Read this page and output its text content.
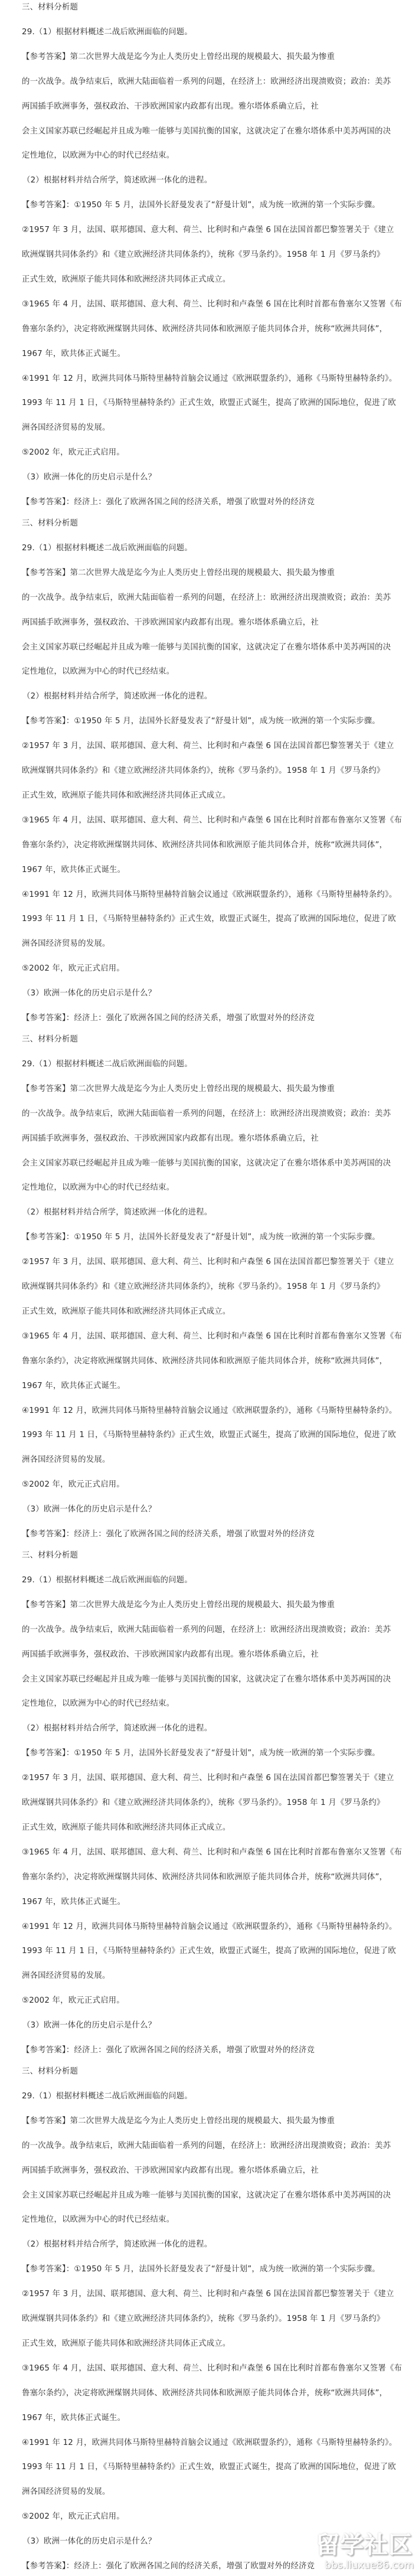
三、材料分析题
29.（1）根据材料概述二战后欧洲面临的问题。
【参考答案】第二次世界大战是迄今为止人类历史上曾经出现的规模最大、损失最为惨重
的一次战争。战争结束后，欧洲大陆面临着一系列的问题，在经济上：欧洲经济出现溃败资；政治：美苏
两国插手欧洲事务，强权政治、干涉欧洲国家内政都有出现。雅尔塔体系确立后，社
会主义国家苏联已经崛起并且成为唯一能够与美国抗衡的国家，这就决定了在雅尔塔体系中美苏两国的决
定性地位，以欧洲为中心的时代已经结束。
（2）根据材料并结合所学，简述欧洲一体化的进程。
【参考答案】：①1950 年 5 月，法国外长舒曼发表了“舒曼计划”，成为统一欧洲的第一个实际步骤。
②1957 年 3 月，法国、联邦德国、意大利、荷兰、比利时和卢森堡 6 国在法国首都巴黎签署关于《建立
欧洲煤钢共同体条约》和《建立欧洲经济共同体条约》，统称《罗马条约》。1958 年 1 月《罗马条约》
正式生效，欧洲原子能共同体和欧洲经济共同体正式成立。
③1965 年 4 月，法国、联邦德国、意大利、荷兰、比利时和卢森堡 6 国在比利时首都布鲁塞尔又签署《布
鲁塞尔条约》，决定将欧洲煤钢共同体、欧洲经济共同体和欧洲原子能共同体合并，统称“欧洲共同体”，
1967 年，欧共体正式诞生。
④1991 年 12 月，欧洲共同体马斯特里赫特首脑会议通过《欧洲联盟条约》，通称《马斯特里赫特条约》。
1993 年 11 月 1 日，《马斯特里赫特条约》正式生效，欧盟正式诞生，提高了欧洲的国际地位，促进了欧
洲各国经济贸易的发展。
⑤2002 年，欧元正式启用。
（3）欧洲一体化的历史启示是什么？
【参考答案】：经济上：强化了欧洲各国之间的经济关系，增强了欧盟对外的经济竞
三、材料分析题
29.（1）根据材料概述二战后欧洲面临的问题。
【参考答案】第二次世界大战是迄今为止人类历史上曾经出现的规模最大、损失最为惨重
的一次战争。战争结束后，欧洲大陆面临着一系列的问题，在经济上：欧洲经济出现溃败资；政治：美苏
两国插手欧洲事务，强权政治、干涉欧洲国家内政都有出现。雅尔塔体系确立后，社
会主义国家苏联已经崛起并且成为唯一能够与美国抗衡的国家，这就决定了在雅尔塔体系中美苏两国的决
定性地位，以欧洲为中心的时代已经结束。
（2）根据材料并结合所学，简述欧洲一体化的进程。
【参考答案】：①1950 年 5 月，法国外长舒曼发表了“舒曼计划”，成为统一欧洲的第一个实际步骤。
②1957 年 3 月，法国、联邦德国、意大利、荷兰、比利时和卢森堡 6 国在法国首都巴黎签署关于《建立
欧洲煤钢共同体条约》和《建立欧洲经济共同体条约》，统称《罗马条约》。1958 年 1 月《罗马条约》
正式生效，欧洲原子能共同体和欧洲经济共同体正式成立。
③1965 年 4 月，法国、联邦德国、意大利、荷兰、比利时和卢森堡 6 国在比利时首都布鲁塞尔又签署《布
鲁塞尔条约》，决定将欧洲煤钢共同体、欧洲经济共同体和欧洲原子能共同体合并，统称“欧洲共同体”，
1967 年，欧共体正式诞生。
④1991 年 12 月，欧洲共同体马斯特里赫特首脑会议通过《欧洲联盟条约》，通称《马斯特里赫特条约》。
1993 年 11 月 1 日，《马斯特里赫特条约》正式生效，欧盟正式诞生，提高了欧洲的国际地位，促进了欧
洲各国经济贸易的发展。
⑤2002 年，欧元正式启用。
（3）欧洲一体化的历史启示是什么？
【参考答案】：经济上：强化了欧洲各国之间的经济关系，增强了欧盟对外的经济竞
三、材料分析题
29.（1）根据材料概述二战后欧洲面临的问题。
【参考答案】第二次世界大战是迄今为止人类历史上曾经出现的规模最大、损失最为惨重
的一次战争。战争结束后，欧洲大陆面临着一系列的问题，在经济上：欧洲经济出现溃败资；政治：美苏
两国插手欧洲事务，强权政治、干涉欧洲国家内政都有出现。雅尔塔体系确立后，社
会主义国家苏联已经崛起并且成为唯一能够与美国抗衡的国家，这就决定了在雅尔塔体系中美苏两国的决
定性地位，以欧洲为中心的时代已经结束。
（2）根据材料并结合所学，简述欧洲一体化的进程。
【参考答案】：①1950 年 5 月，法国外长舒曼发表了“舒曼计划”，成为统一欧洲的第一个实际步骤。
②1957 年 3 月，法国、联邦德国、意大利、荷兰、比利时和卢森堡 6 国在法国首都巴黎签署关于《建立
欧洲煤钢共同体条约》和《建立欧洲经济共同体条约》，统称《罗马条约》。1958 年 1 月《罗马条约》
正式生效，欧洲原子能共同体和欧洲经济共同体正式成立。
③1965 年 4 月，法国、联邦德国、意大利、荷兰、比利时和卢森堡 6 国在比利时首都布鲁塞尔又签署《布
鲁塞尔条约》，决定将欧洲煤钢共同体、欧洲经济共同体和欧洲原子能共同体合并，统称“欧洲共同体”，
1967 年，欧共体正式诞生。
④1991 年 12 月，欧洲共同体马斯特里赫特首脑会议通过《欧洲联盟条约》，通称《马斯特里赫特条约》。
1993 年 11 月 1 日，《马斯特里赫特条约》正式生效，欧盟正式诞生，提高了欧洲的国际地位，促进了欧
洲各国经济贸易的发展。
⑤2002 年，欧元正式启用。
（3）欧洲一体化的历史启示是什么？
【参考答案】：经济上：强化了欧洲各国之间的经济关系，增强了欧盟对外的经济竞
三、材料分析题
29.（1）根据材料概述二战后欧洲面临的问题。
【参考答案】第二次世界大战是迄今为止人类历史上曾经出现的规模最大、损失最为惨重
的一次战争。战争结束后，欧洲大陆面临着一系列的问题，在经济上：欧洲经济出现溃败资；政治：美苏
两国插手欧洲事务，强权政治、干涉欧洲国家内政都有出现。雅尔塔体系确立后，社
会主义国家苏联已经崛起并且成为唯一能够与美国抗衡的国家，这就决定了在雅尔塔体系中美苏两国的决
定性地位，以欧洲为中心的时代已经结束。
（2）根据材料并结合所学，简述欧洲一体化的进程。
【参考答案】：①1950 年 5 月，法国外长舒曼发表了“舒曼计划”，成为统一欧洲的第一个实际步骤。
②1957 年 3 月，法国、联邦德国、意大利、荷兰、比利时和卢森堡 6 国在法国首都巴黎签署关于《建立
欧洲煤钢共同体条约》和《建立欧洲经济共同体条约》，统称《罗马条约》。1958 年 1 月《罗马条约》
正式生效，欧洲原子能共同体和欧洲经济共同体正式成立。
③1965 年 4 月，法国、联邦德国、意大利、荷兰、比利时和卢森堡 6 国在比利时首都布鲁塞尔又签署《布
鲁塞尔条约》，决定将欧洲煤钢共同体、欧洲经济共同体和欧洲原子能共同体合并，统称“欧洲共同体”，
1967 年，欧共体正式诞生。
④1991 年 12 月，欧洲共同体马斯特里赫特首脑会议通过《欧洲联盟条约》，通称《马斯特里赫特条约》。
1993 年 11 月 1 日，《马斯特里赫特条约》正式生效，欧盟正式诞生，提高了欧洲的国际地位，促进了欧
洲各国经济贸易的发展。
⑤2002 年，欧元正式启用。
（3）欧洲一体化的历史启示是什么？
【参考答案】：经济上：强化了欧洲各国之间的经济关系，增强了欧盟对外的经济竞
三、材料分析题
29.（1）根据材料概述二战后欧洲面临的问题。
【参考答案】第二次世界大战是迄今为止人类历史上曾经出现的规模最大、损失最为惨重
的一次战争。战争结束后，欧洲大陆面临着一系列的问题，在经济上：欧洲经济出现溃败资；政治：美苏
两国插手欧洲事务，强权政治、干涉欧洲国家内政都有出现。雅尔塔体系确立后，社
会主义国家苏联已经崛起并且成为唯一能够与美国抗衡的国家，这就决定了在雅尔塔体系中美苏两国的决
定性地位，以欧洲为中心的时代已经结束。
（2）根据材料并结合所学，简述欧洲一体化的进程。
【参考答案】：①1950 年 5 月，法国外长舒曼发表了“舒曼计划”，成为统一欧洲的第一个实际步骤。
②1957 年 3 月，法国、联邦德国、意大利、荷兰、比利时和卢森堡 6 国在法国首都巴黎签署关于《建立
欧洲煤钢共同体条约》和《建立欧洲经济共同体条约》，统称《罗马条约》。1958 年 1 月《罗马条约》
正式生效，欧洲原子能共同体和欧洲经济共同体正式成立。
③1965 年 4 月，法国、联邦德国、意大利、荷兰、比利时和卢森堡 6 国在比利时首都布鲁塞尔又签署《布
鲁塞尔条约》，决定将欧洲煤钢共同体、欧洲经济共同体和欧洲原子能共同体合并，统称“欧洲共同体”，
1967 年，欧共体正式诞生。
④1991 年 12 月，欧洲共同体马斯特里赫特首脑会议通过《欧洲联盟条约》，通称《马斯特里赫特条约》。
1993 年 11 月 1 日，《马斯特里赫特条约》正式生效，欧盟正式诞生，提高了欧洲的国际地位，促进了欧
洲各国经济贸易的发展。
⑤2002 年，欧元正式启用。
（3）欧洲一体化的历史启示是什么？
【参考答案】：经济上：强化了欧洲各国之间的经济关系，增强了欧盟对外的经济竞
留学社区
bbs.liuxue86.com
